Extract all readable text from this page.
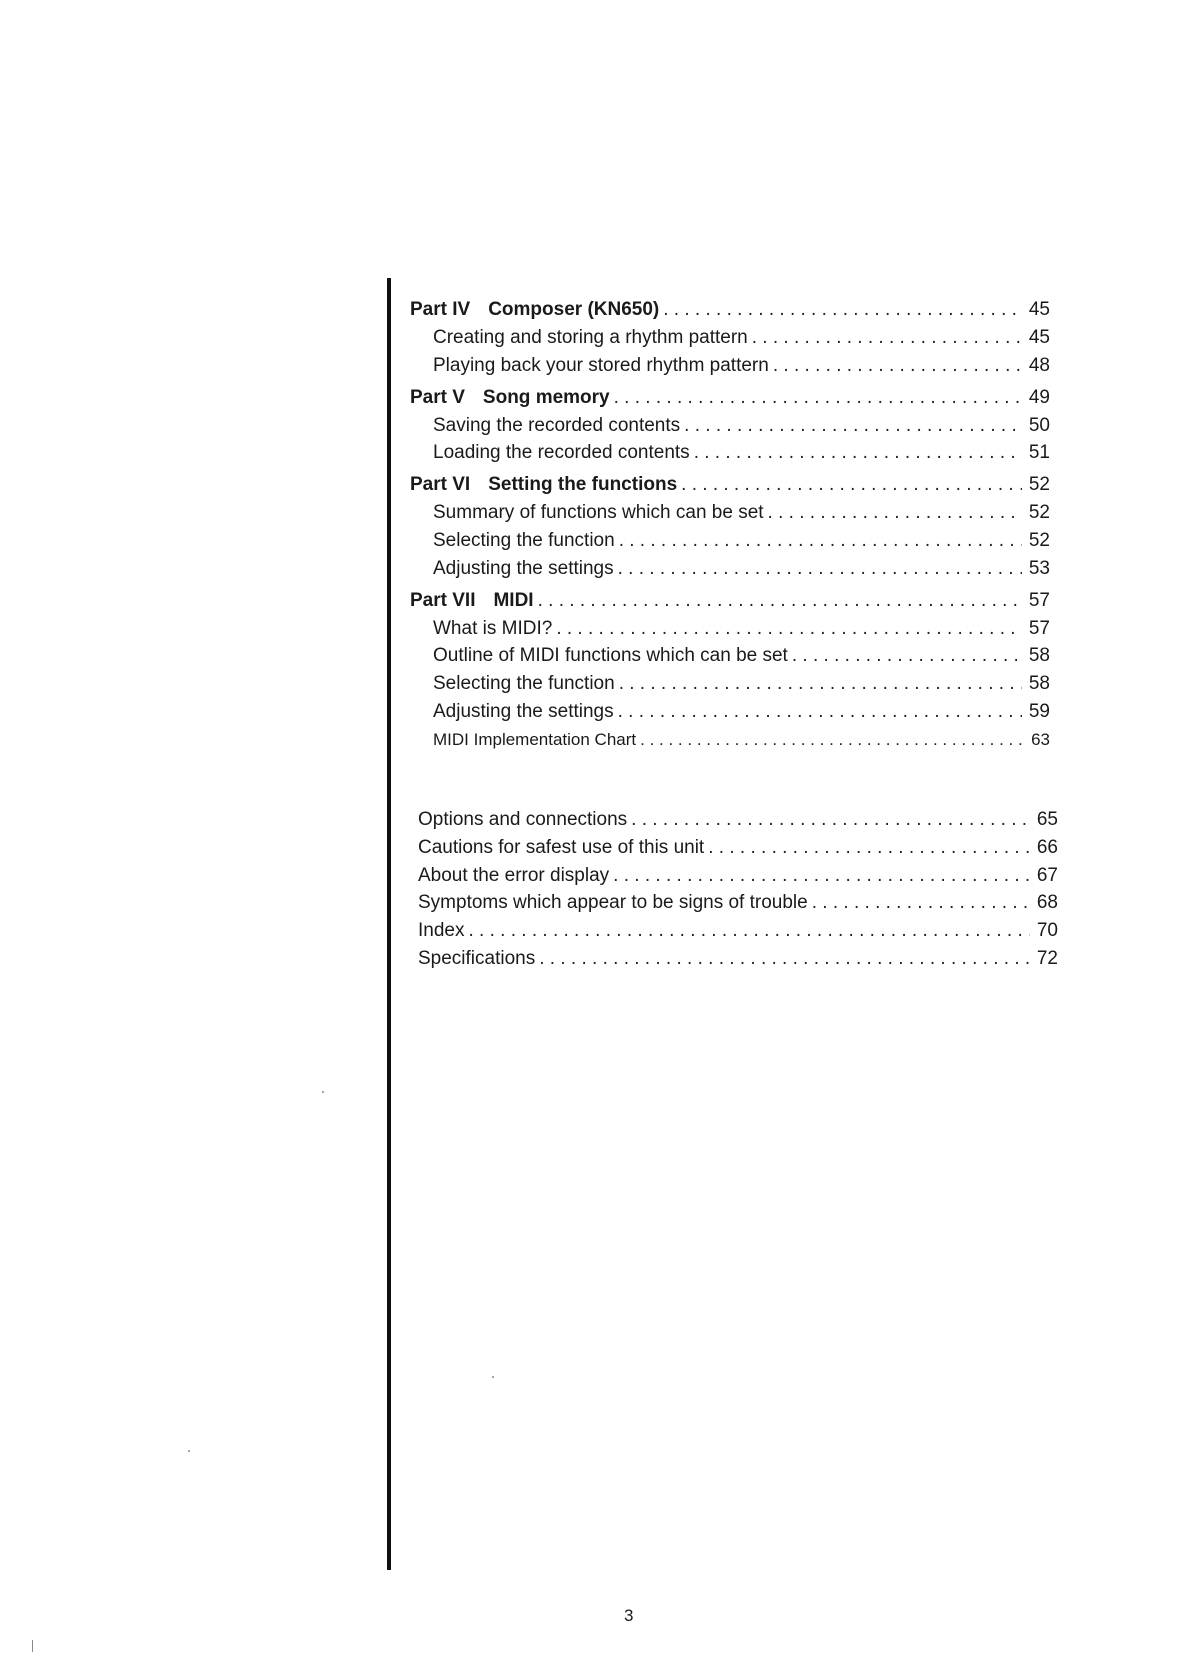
Part IV Composer (KN650) . . .	45
Creating and storing a rhythm pattern . . .	45
Playing back your stored rhythm pattern . . .	48
Part V Song memory . . .	49
Saving the recorded contents . . .	50
Loading the recorded contents . . .	51
Part VI Setting the functions . . .	52
Summary of functions which can be set . . .	52
Selecting the function . . .	52
Adjusting the settings . . .	53
Part VII MIDI . . .	57
What is MIDI? . . .	57
Outline of MIDI functions which can be set . . .	58
Selecting the function . . .	58
Adjusting the settings . . .	59
MIDI Implementation Chart . . .	63
Options and connections . . .	65
Cautions for safest use of this unit . . .	66
About the error display . . .	67
Symptoms which appear to be signs of trouble . . .	68
Index . . .	70
Specifications . . .	72
3
